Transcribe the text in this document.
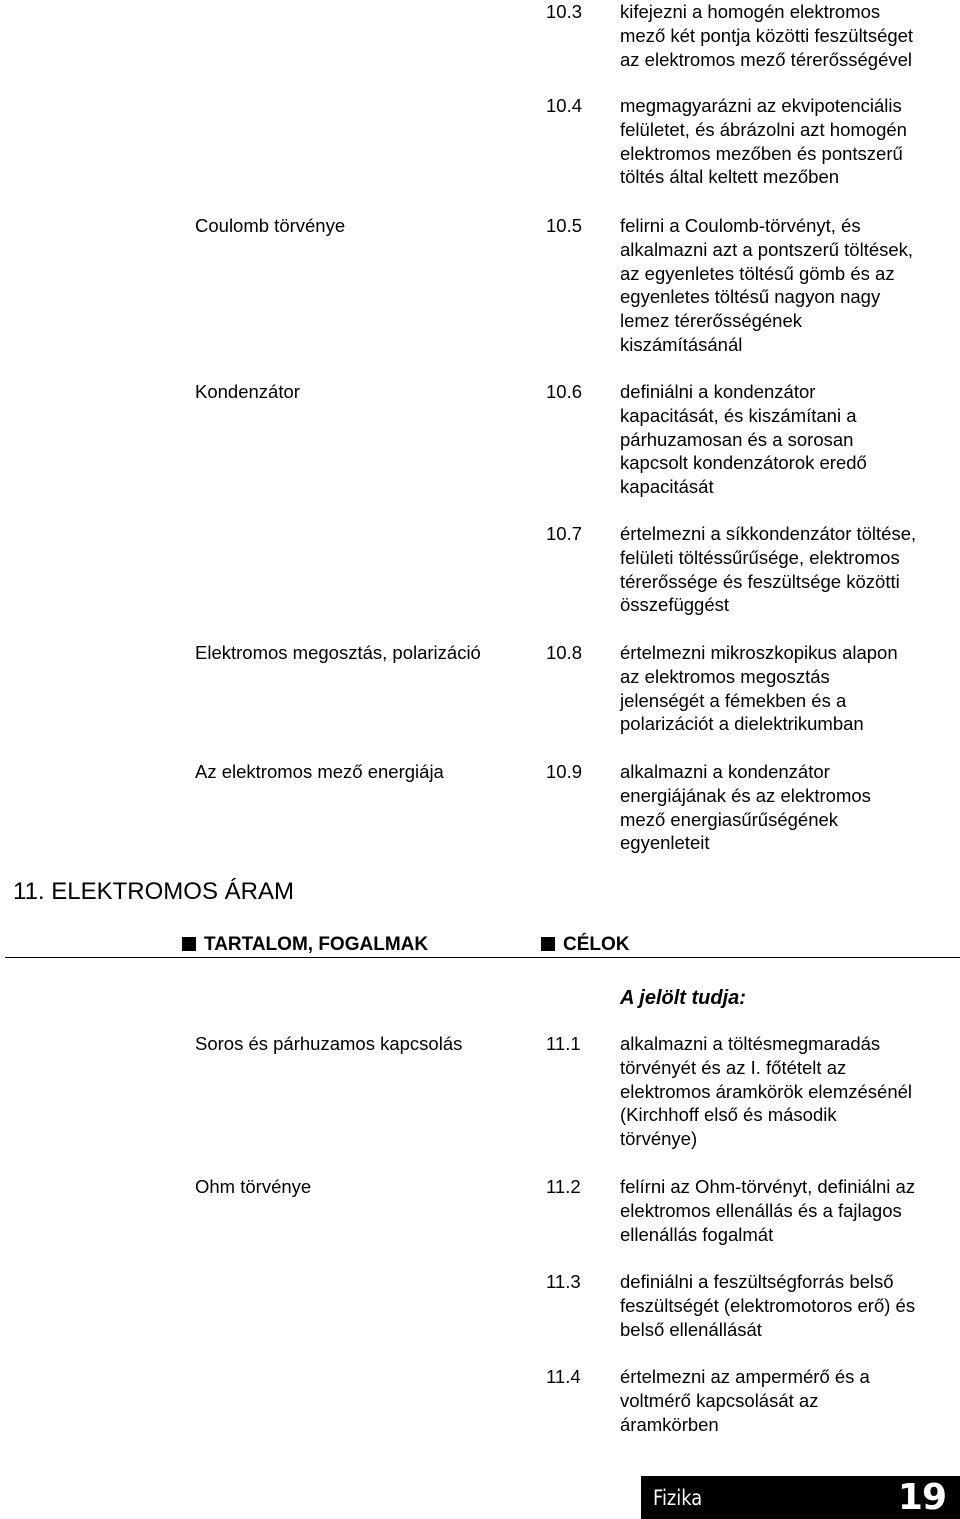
10.3 kifejezni a homogén elektromos
mező két pontja közötti feszültséget
az elektromos mező térerősségével
10.4 megmagyarázni az ekvipotenciális
felületet, és ábrázolni azt homogén
elektromos mezőben és pontszerű
töltés által keltett mezőben
Coulomb törvénye	10.5 felirni a Coulomb-törvényt, és
alkalmazni azt a pontszerű töltések,
az egyenletes töltésű gömb és az
egyenletes töltésű nagyon nagy
lemez térerősségének
kiszámításánál
Kondenzátor	10.6 definiálni a kondenzátor
kapacitását, és kiszámítani a
párhuzamosan és a sorosan
kapcsolt kondenzátorok eredő
kapacitását
10.7 értelmezni a síkkondenzátor töltése,
felületi töltéssűrűsége, elektromos
térerőssége és feszültsége közötti
összefüggést
Elektromos megosztás, polarizáció	10.8 értelmezni mikroszkopikus alapon
az elektromos megosztás
jelenségét a fémekben és a
polarizációt a dielektrikumban
Az elektromos mező energiája	10.9 alkalmazni a kondenzátor
energiájának és az elektromos
mező energiasűrűségének
egyenleteit
11. ELEKTROMOS ÁRAM
TARTALOM, FOGALMAK	CÉLOK
A jelölt tudja:
Soros és párhuzamos kapcsolás	11.1 alkalmazni a töltésmegmaradás
törvényét és az I. főtételt az
elektromos áramkörök elemzésénél
(Kirchhoff első és második
törvénye)
Ohm törvénye	11.2 felírni az Ohm-törvényt, definiálni az
elektromos ellenállás és a fajlagos
ellenállás fogalmát
11.3 definiálni a feszültségforrás belső
feszültségét (elektromotoros erő) és
belső ellenállását
11.4 értelmezni az ampermérő és a
voltmérő kapcsolását az
áramkörben
Fizika	19
